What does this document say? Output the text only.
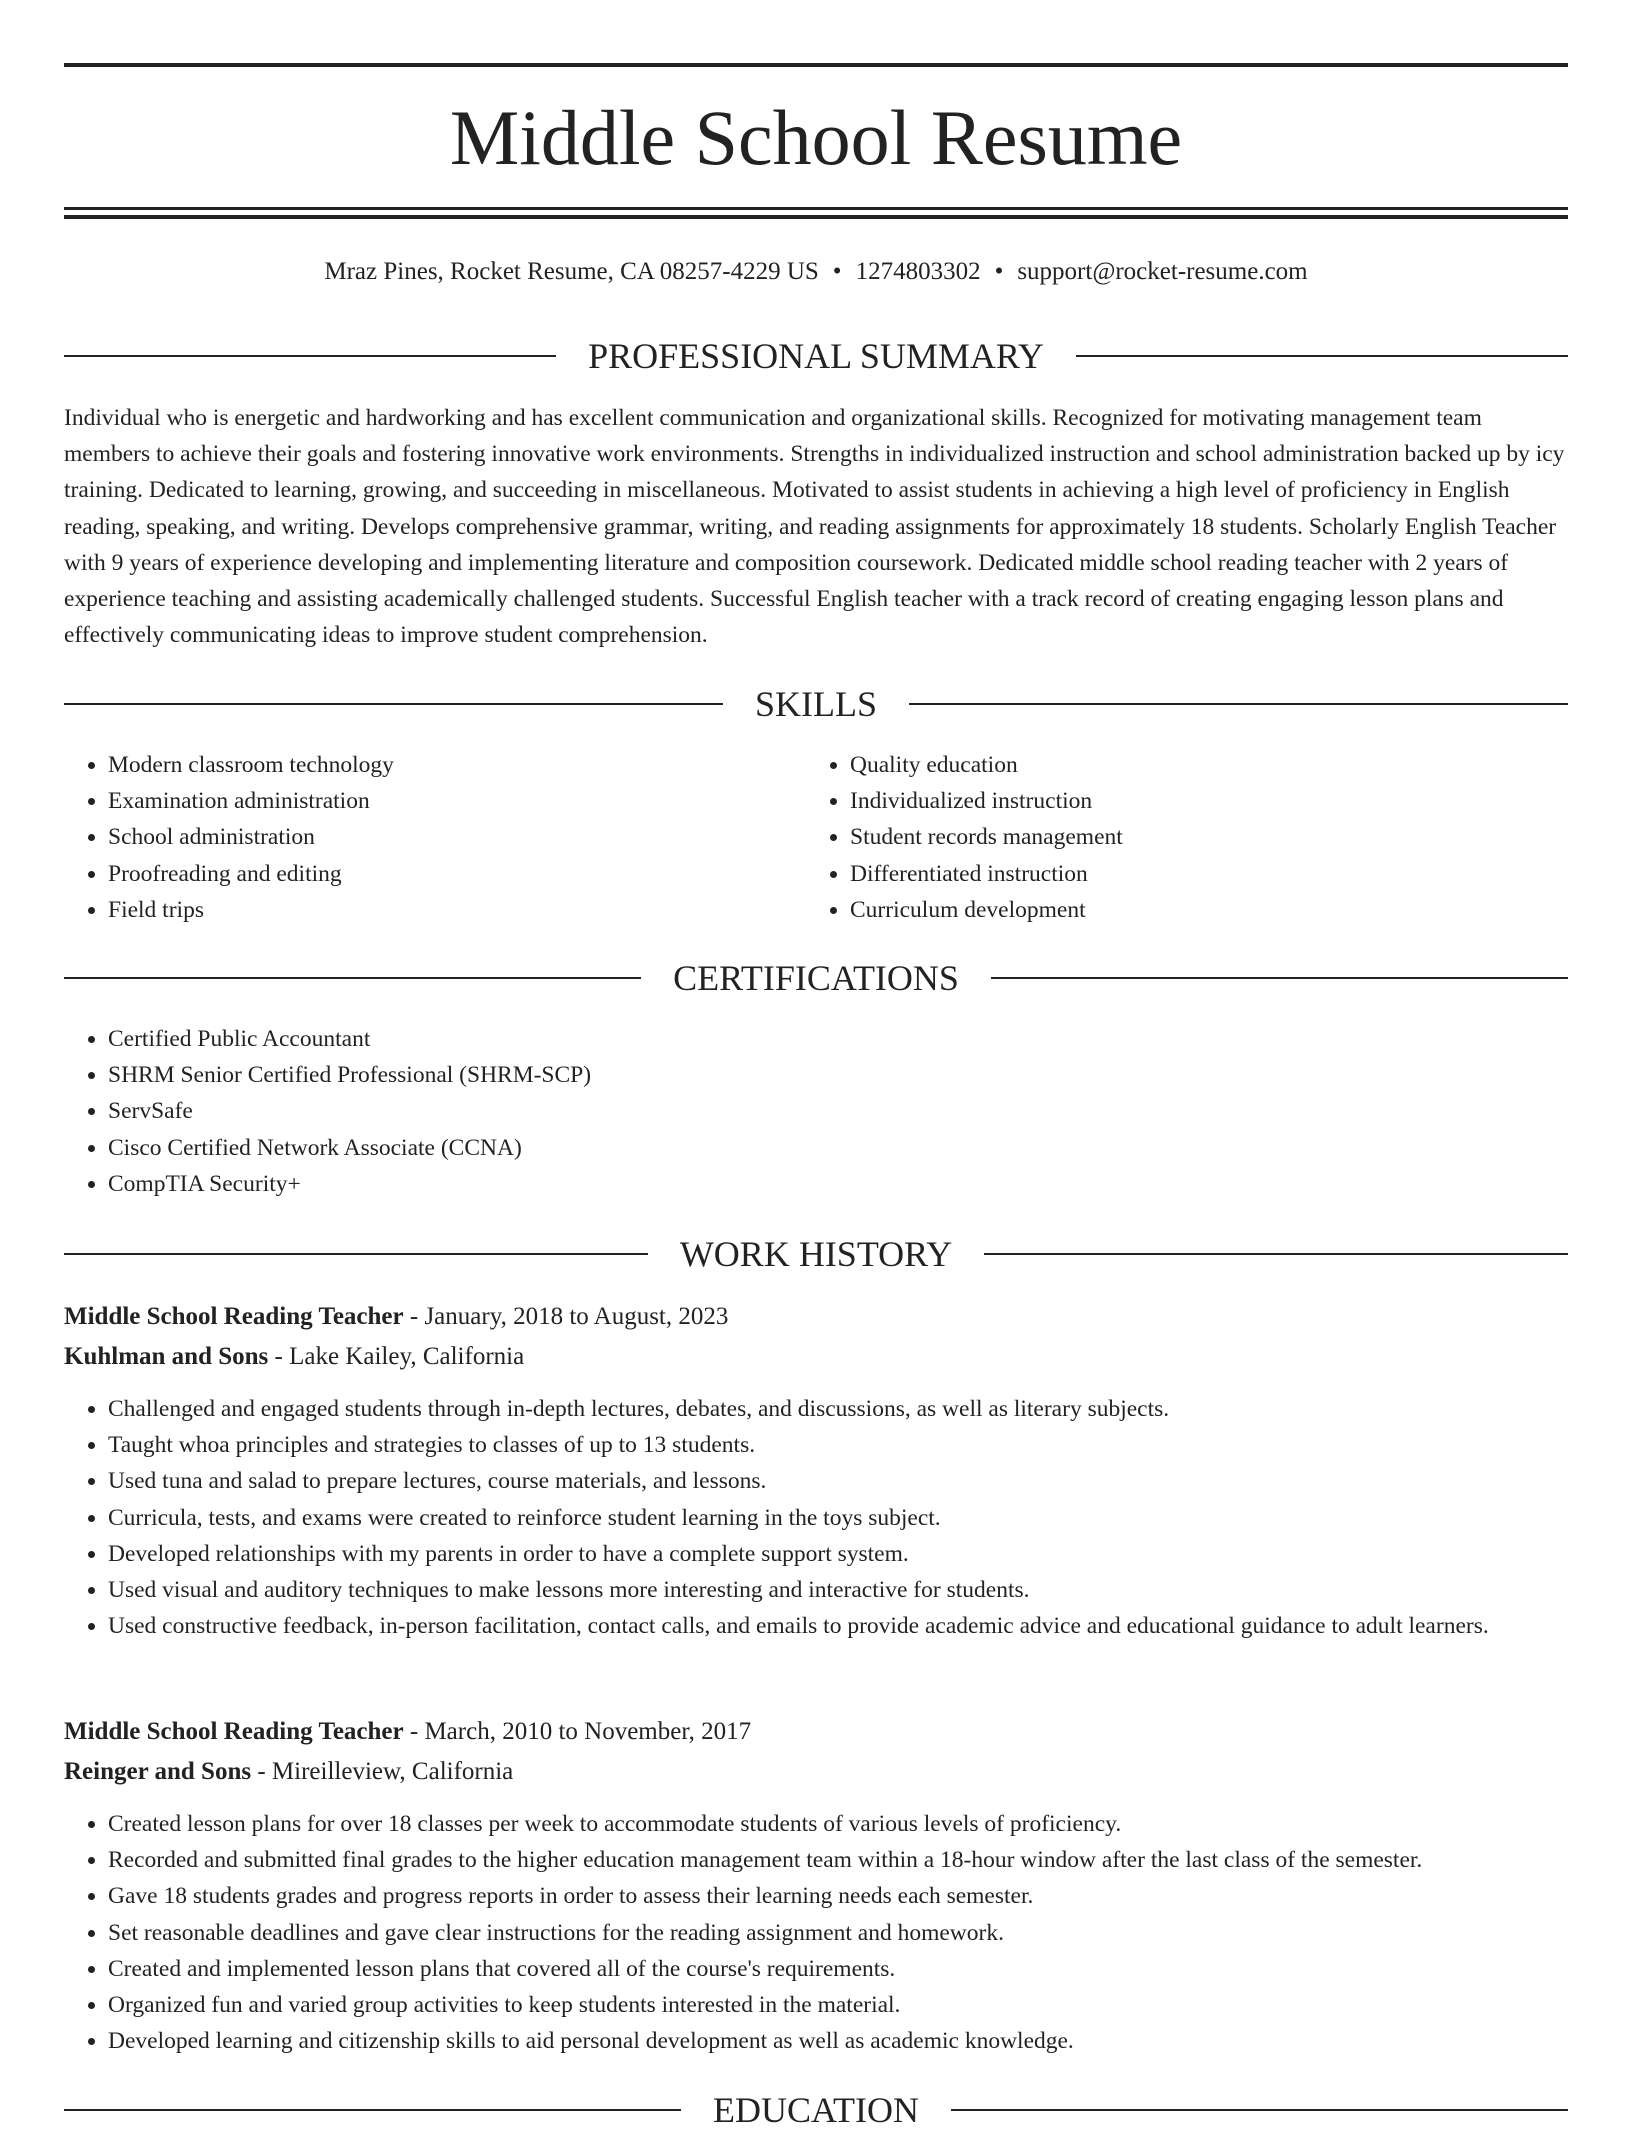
Middle School Resume
Mraz Pines, Rocket Resume, CA 08257-4229 US • 1274803302 • support@rocket-resume.com
PROFESSIONAL SUMMARY

Individual who is energetic and hardworking and has excellent communication and organizational skills. Recognized for motivating management team members to achieve their goals and fostering innovative work environments. Strengths in individualized instruction and school administration backed up by icy training. Dedicated to learning, growing, and succeeding in miscellaneous. Motivated to assist students in achieving a high level of proficiency in English reading, speaking, and writing. Develops comprehensive grammar, writing, and reading assignments for approximately 18 students. Scholarly English Teacher with 9 years of experience developing and implementing literature and composition coursework. Dedicated middle school reading teacher with 2 years of experience teaching and assisting academically challenged students. Successful English teacher with a track record of creating engaging lesson plans and effectively communicating ideas to improve student comprehension.

SKILLS
• Modern classroom technology
• Examination administration
• School administration
• Proofreading and editing
• Field trips
• Quality education
• Individualized instruction
• Student records management
• Differentiated instruction
• Curriculum development
CERTIFICATIONS
• Certified Public Accountant
• SHRM Senior Certified Professional (SHRM-SCP)
• ServSafe
• Cisco Certified Network Associate (CCNA)
• CompTIA Security+
WORK HISTORY
Middle School Reading Teacher - January, 2018 to August, 2023
Kuhlman and Sons - Lake Kailey, California
• Challenged and engaged students through in-depth lectures, debates, and discussions, as well as literary subjects.
• Taught whoa principles and strategies to classes of up to 13 students.
• Used tuna and salad to prepare lectures, course materials, and lessons.
• Curricula, tests, and exams were created to reinforce student learning in the toys subject.
• Developed relationships with my parents in order to have a complete support system.
• Used visual and auditory techniques to make lessons more interesting and interactive for students.
• Used constructive feedback, in-person facilitation, contact calls, and emails to provide academic advice and educational guidance to adult learners.
Middle School Reading Teacher - March, 2010 to November, 2017
Reinger and Sons - Mireilleview, California
• Created lesson plans for over 18 classes per week to accommodate students of various levels of proficiency.
• Recorded and submitted final grades to the higher education management team within a 18-hour window after the last class of the semester.
• Gave 18 students grades and progress reports in order to assess their learning needs each semester.
• Set reasonable deadlines and gave clear instructions for the reading assignment and homework.
• Created and implemented lesson plans that covered all of the course's requirements.
• Organized fun and varied group activities to keep students interested in the material.
• Developed learning and citizenship skills to aid personal development as well as academic knowledge.
EDUCATION
